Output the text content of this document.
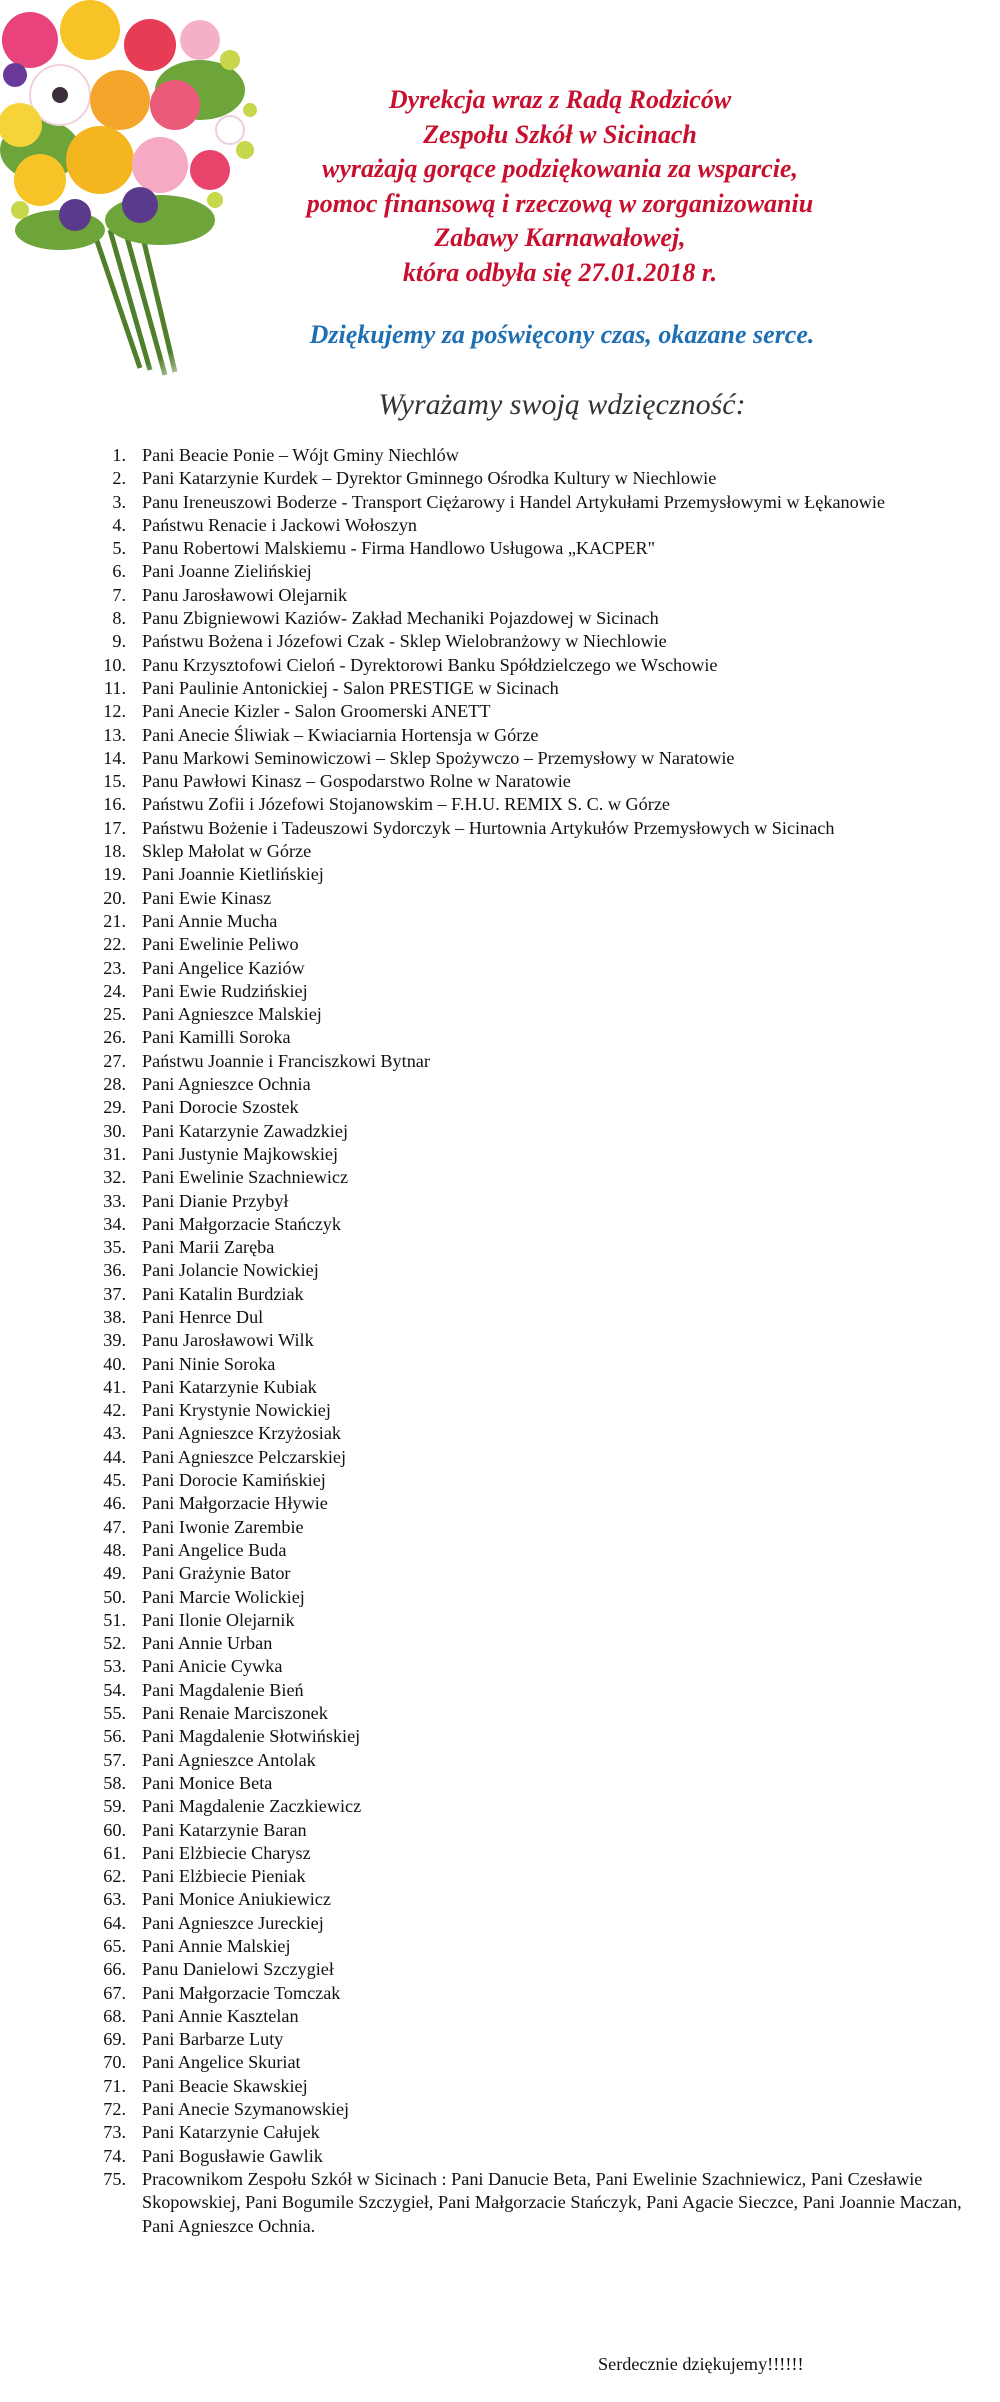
Dyrekcja wraz z Radą Rodziców
Zespołu Szkół w Sicinach
wyrażają gorące podziękowania za wsparcie,
pomoc finansową i rzeczową w zorganizowaniu
Zabawy Karnawałowej,
która odbyła się 27.01.2018 r.
Dziękujemy za poświęcony czas, okazane serce.
Wyrażamy swoją wdzięczność:
1. Pani Beacie Ponie – Wójt Gminy Niechlów
2. Pani Katarzynie Kurdek – Dyrektor Gminnego Ośrodka Kultury w Niechlowie
3. Panu Ireneuszowi Boderze - Transport Ciężarowy i Handel Artykułami Przemysłowymi w Łękanowie
4. Państwu Renacie i Jackowi Wołoszyn
5. Panu Robertowi Malskiemu - Firma Handlowo Usługowa „KACPER"
6. Pani Joanne Zielińskiej
7. Panu Jarosławowi Olejarnik
8. Panu Zbigniewowi Kaziów- Zakład Mechaniki Pojazdowej w Sicinach
9. Państwu Bożena i Józefowi Czak - Sklep Wielobranżowy w Niechlowie
10. Panu Krzysztofowi Cieloń - Dyrektorowi Banku Spółdzielczego we Wschowie
11. Pani Paulinie Antonickiej - Salon PRESTIGE w Sicinach
12. Pani Anecie Kizler - Salon Groomerski ANETT
13. Pani Anecie Śliwiak – Kwiaciarnia Hortensja w Górze
14. Panu Markowi Seminowiczowi – Sklep Spożywczo – Przemysłowy w Naratowie
15. Panu Pawłowi Kinasz – Gospodarstwo Rolne w Naratowie
16. Państwu Zofii i Józefowi Stojanowskim – F.H.U. REMIX S. C. w Górze
17. Państwu Bożenie i Tadeuszowi Sydorczyk – Hurtownia Artykułów Przemysłowych w Sicinach
18. Sklep Małolat w Górze
19. Pani Joannie Kietlińskiej
20. Pani Ewie Kinasz
21. Pani Annie Mucha
22. Pani Ewelinie Peliwo
23. Pani Angelice Kaziów
24. Pani Ewie Rudzińskiej
25. Pani Agnieszce Malskiej
26. Pani Kamilli Soroka
27. Państwu Joannie i Franciszkowi Bytnar
28. Pani Agnieszce Ochnia
29. Pani Dorocie Szostek
30. Pani Katarzynie Zawadzkiej
31. Pani Justynie Majkowskiej
32. Pani Ewelinie Szachniewicz
33. Pani Dianie Przybył
34. Pani Małgorzacie Stańczyk
35. Pani Marii Zaręba
36. Pani Jolancie Nowickiej
37. Pani Katalin Burdziak
38. Pani Henrce Dul
39. Panu Jarosławowi Wilk
40. Pani Ninie Soroka
41. Pani Katarzynie Kubiak
42. Pani Krystynie Nowickiej
43. Pani Agnieszce Krzyżosiak
44. Pani Agnieszce Pelczarskiej
45. Pani Dorocie Kamińskiej
46. Pani Małgorzacie Hływie
47. Pani Iwonie Zarembie
48. Pani Angelice Buda
49. Pani Grażynie Bator
50. Pani Marcie Wolickiej
51. Pani Ilonie Olejarnik
52. Pani Annie Urban
53. Pani Anicie Cywka
54. Pani Magdalenie Bień
55. Pani Renaie Marciszonek
56. Pani Magdalenie Słotwińskiej
57. Pani Agnieszce Antolak
58. Pani Monice Beta
59. Pani Magdalenie Zaczkiewicz
60. Pani Katarzynie Baran
61. Pani Elżbiecie Charysz
62. Pani Elżbiecie Pieniak
63. Pani Monice Aniukiewicz
64. Pani Agnieszce Jureckiej
65. Pani Annie Malskiej
66. Panu Danielowi Szczygieł
67. Pani Małgorzacie Tomczak
68. Pani Annie Kasztelan
69. Pani Barbarze Luty
70. Pani Angelice Skuriat
71. Pani Beacie Skawskiej
72. Pani Anecie Szymanowskiej
73. Pani Katarzynie Całujek
74. Pani Bogusławie Gawlik
75. Pracownikom Zespołu Szkół w Sicinach : Pani Danucie Beta, Pani Ewelinie Szachniewicz, Pani Czesławie Skopowskiej, Pani Bogumile Szczygieł, Pani Małgorzacie Stańczyk, Pani Agacie Sieczce, Pani Joannie Maczan, Pani Agnieszce Ochnia.
Serdecznie dziękujemy!!!!!!
